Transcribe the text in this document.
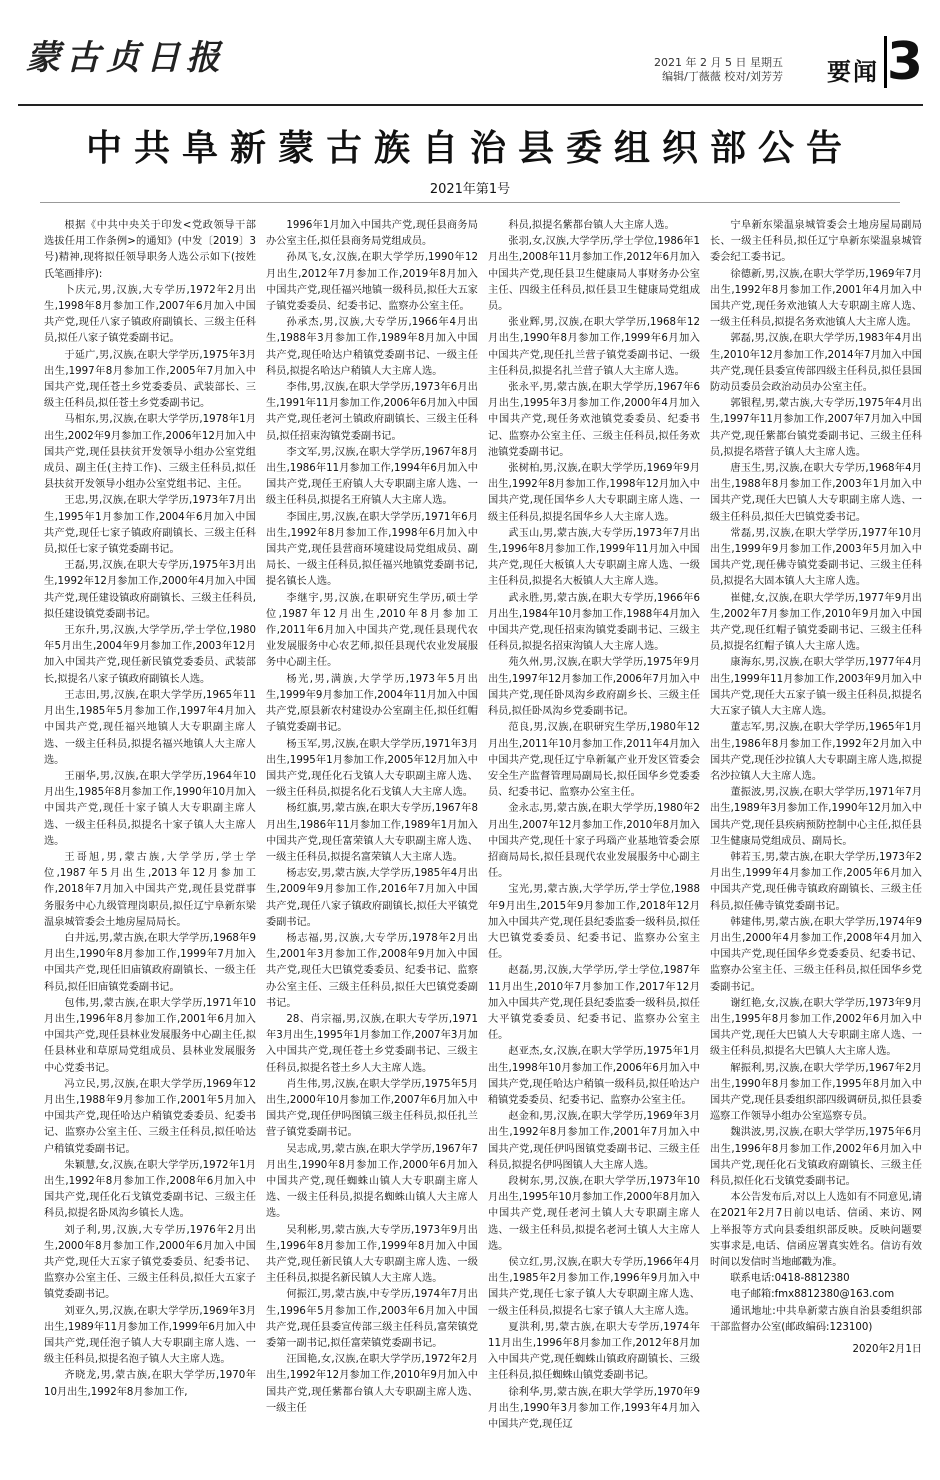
蒙古贞日报	2021 年 2 月 5 日 星期五
编辑/丁薇薇 校对/刘芳芳 要闻 3
中共阜新蒙古族自治县委组织部公告
2021年第1号

根据《中共中央关于印发<党政领导干部选拔任用工作条例>的通知》(中发〔2019〕3号)精神,现将拟任领导职务人选公示如下(按姓氏笔画排序):

卜庆元,男,汉族,大专学历,1972年2月出生,1998年8月参加工作,2007年6月加入中国共产党,现任八家子镇政府副镇长、三级主任科员,拟任八家子镇党委副书记。

于延广,男,汉族,在职大学学历,1975年3月出生,1997年8月参加工作,2005年7月加入中国共产党,现任苍土乡党委委员、武装部长、三级主任科员,拟任苍土乡党委副书记。

马相东,男,汉族,在职大学学历,1978年1月出生,2002年9月参加工作,2006年12月加入中国共产党,现任县扶贫开发领导小组办公室党组成员、副主任(主持工作)、三级主任科员,拟任县扶贫开发领导小组办公室党组书记、主任。

王忠,男,汉族,在职大学学历,1973年7月出生,1995年1月参加工作,2004年6月加入中国共产党,现任七家子镇政府副镇长、三级主任科员,拟任七家子镇党委副书记。

王磊,男,汉族,在职大专学历,1975年3月出生,1992年12月参加工作,2000年4月加入中国共产党,现任建设镇政府副镇长、三级主任科员,拟任建设镇党委副书记。

王东升,男,汉族,大学学历,学士学位,1980年5月出生,2004年9月参加工作,2003年12月加入中国共产党,现任新民镇党委委员、武装部长,拟提名八家子镇政府副镇长人选。

王志田,男,汉族,在职大学学历,1965年11月出生,1985年5月参加工作,1997年4月加入中国共产党,现任福兴地镇人大专职副主席人选、一级主任科员,拟提名福兴地镇人大主席人选。

王丽华,男,汉族,在职大学学历,1964年10月出生,1985年8月参加工作,1990年10月加入中国共产党,现任十家子镇人大专职副主席人选、一级主任科员,拟提名十家子镇人大主席人选。

王哥旭,男,蒙古族,大学学历,学士学位,1987年5月出生,2013年12月参加工作,2018年7月加入中国共产党,现任县党群事务服务中心九级管理岗职员,拟任辽宁阜新东梁温泉城管委会土地房屋局局长。

白井远,男,蒙古族,在职大学学历,1968年9月出生,1990年8月参加工作,1999年7月加入中国共产党,现任旧庙镇政府副镇长、一级主任科员,拟任旧庙镇党委副书记。

包伟,男,蒙古族,在职大学学历,1971年10月出生,1996年8月参加工作,2001年6月加入中国共产党,现任县林业发展服务中心副主任,拟任县林业和草原局党组成员、县林业发展服务中心党委书记。

冯立民,男,汉族,在职大学学历,1969年12月出生,1988年9月参加工作,2001年5月加入中国共产党,现任哈达户稍镇党委委员、纪委书记、监察办公室主任、三级主任科员,拟任哈达户稍镇党委副书记。

朱颖慧,女,汉族,在职大学学历,1972年1月出生,1992年8月参加工作,2008年6月加入中国共产党,现任化石戈镇党委副书记、三级主任科员,拟提名卧凤沟乡镇长人选。

刘子利,男,汉族,大专学历,1976年2月出生,2000年8月参加工作,2000年6月加入中国共产党,现任大五家子镇党委委员、纪委书记、监察办公室主任、三级主任科员,拟任大五家子镇党委副书记。

刘亚久,男,汉族,在职大学学历,1969年3月出生,1989年11月参加工作,1999年6月加入中国共产党,现任泡子镇人大专职副主席人选、一级主任科员,拟提名泡子镇人大主席人选。

齐晓龙,男,蒙古族,在职大学学历,1970年10月出生,1992年8月参加工作,

1996年1月加入中国共产党,现任县商务局办公室主任,拟任县商务局党组成员。

孙凤飞,女,汉族,在职大学学历,1990年12月出生,2012年7月参加工作,2019年8月加入中国共产党,现任福兴地镇一级科员,拟任大五家子镇党委委员、纪委书记、监察办公室主任。

孙承杰,男,汉族,大专学历,1966年4月出生,1988年3月参加工作,1989年8月加入中国共产党,现任哈达户稍镇党委副书记、一级主任科员,拟提名哈达户稍镇人大主席人选。

李伟,男,汉族,在职大学学历,1973年6月出生,1991年11月参加工作,2006年6月加入中国共产党,现任老河土镇政府副镇长、三级主任科员,拟任招束沟镇党委副书记。

李文军,男,汉族,在职大学学历,1967年8月出生,1986年11月参加工作,1994年6月加入中国共产党,现任王府镇人大专职副主席人选、一级主任科员,拟提名王府镇人大主席人选。

李国庄,男,汉族,在职大学学历,1971年6月出生,1992年8月参加工作,1998年6月加入中国共产党,现任县营商环境建设局党组成员、副局长、一级主任科员,拟任福兴地镇党委副书记,提名镇长人选。

李继宇,男,汉族,在职研究生学历,硕士学位,1987年12月出生,2010年8月参加工作,2011年6月加入中国共产党,现任县现代农业发展服务中心农艺师,拟任县现代农业发展服务中心副主任。

杨光,男,满族,大学学历,1973年5月出生,1999年9月参加工作,2004年11月加入中国共产党,原县新农村建设办公室副主任,拟任红帽子镇党委副书记。

杨玉军,男,汉族,在职大学学历,1971年3月出生,1995年1月参加工作,2005年12月加入中国共产党,现任化石戈镇人大专职副主席人选、一级主任科员,拟提名化石戈镇人大主席人选。

杨红旗,男,蒙古族,在职大专学历,1967年8月出生,1986年11月参加工作,1989年1月加入中国共产党,现任富荣镇人大专职副主席人选、一级主任科员,拟提名富荣镇人大主席人选。

杨志安,男,蒙古族,大学学历,1985年4月出生,2009年9月参加工作,2016年7月加入中国共产党,现任八家子镇政府副镇长,拟任大平镇党委副书记。

杨志福,男,汉族,大专学历,1978年2月出生,2001年3月参加工作,2008年9月加入中国共产党,现任大巴镇党委委员、纪委书记、监察办公室主任、三级主任科员,拟任大巴镇党委副书记。

28、肖宗福,男,汉族,在职大专学历,1971年3月出生,1995年1月参加工作,2007年3月加入中国共产党,现任苍土乡党委副书记、三级主任科员,拟提名苍土乡人大主席人选。

肖生伟,男,汉族,在职大学学历,1975年5月出生,2000年10月参加工作,2007年6月加入中国共产党,现任伊吗图镇三级主任科员,拟任扎兰营子镇党委副书记。

吴志成,男,蒙古族,在职大学学历,1967年7月出生,1990年8月参加工作,2000年6月加入中国共产党,现任蜘蛛山镇人大专职副主席人选、一级主任科员,拟提名蜘蛛山镇人大主席人选。

吴利彬,男,蒙古族,大专学历,1973年9月出生,1996年8月参加工作,1999年8月加入中国共产党,现任新民镇人大专职副主席人选、一级主任科员,拟提名新民镇人大主席人选。

何振江,男,蒙古族,中专学历,1974年7月出生,1996年5月参加工作,2003年6月加入中国共产党,现任县委宣传部三级主任科员,富荣镇党委第一副书记,拟任富荣镇党委副书记。

汪国艳,女,汉族,在职大学学历,1972年2月出生,1992年12月参加工作,2010年9月加入中国共产党,现任紫都台镇人大专职副主席人选、一级主任

科员,拟提名紫都台镇人大主席人选。

张羽,女,汉族,大学学历,学士学位,1986年1月出生,2008年11月参加工作,2012年6月加入中国共产党,现任县卫生健康局人事财务办公室主任、四级主任科员,拟任县卫生健康局党组成员。

张业辉,男,汉族,在职大学学历,1968年12月出生,1990年8月参加工作,1999年6月加入中国共产党,现任扎兰营子镇党委副书记、一级主任科员,拟提名扎兰营子镇人大主席人选。

张永平,男,蒙古族,在职大学学历,1967年6月出生,1995年3月参加工作,2000年4月加入中国共产党,现任务欢池镇党委委员、纪委书记、监察办公室主任、三级主任科员,拟任务欢池镇党委副书记。

张树柏,男,汉族,在职大学学历,1969年9月出生,1992年8月参加工作,1998年12月加入中国共产党,现任国华乡人大专职副主席人选、一级主任科员,拟提名国华乡人大主席人选。

武玉山,男,蒙古族,大专学历,1973年7月出生,1996年8月参加工作,1999年11月加入中国共产党,现任大板镇人大专职副主席人选、一级主任科员,拟提名大板镇人大主席人选。

武永胜,男,蒙古族,在职大专学历,1966年6月出生,1984年10月参加工作,1988年4月加入中国共产党,现任招束沟镇党委副书记、三级主任科员,拟提名招束沟镇人大主席人选。

苑久州,男,汉族,在职大学学历,1975年9月出生,1997年12月参加工作,2006年7月加入中国共产党,现任卧凤沟乡政府副乡长、三级主任科员,拟任卧凤沟乡党委副书记。

范良,男,汉族,在职研究生学历,1980年12月出生,2011年10月参加工作,2011年4月加入中国共产党,现任辽宁阜新氟产业开发区管委会安全生产监督管理局副局长,拟任国华乡党委委员、纪委书记、监察办公室主任。

金永志,男,蒙古族,在职大学学历,1980年2月出生,2007年12月参加工作,2010年8月加入中国共产党,现任十家子玛瑙产业基地管委会原招商局局长,拟任县现代农业发展服务中心副主任。

宝光,男,蒙古族,大学学历,学士学位,1988年9月出生,2015年9月参加工作,2018年12月加入中国共产党,现任县纪委监委一级科员,拟任大巴镇党委委员、纪委书记、监察办公室主任。

赵磊,男,汉族,大学学历,学士学位,1987年11月出生,2010年7月参加工作,2017年12月加入中国共产党,现任县纪委监委一级科员,拟任大平镇党委委员、纪委书记、监察办公室主任。

赵亚杰,女,汉族,在职大学学历,1975年1月出生,1998年10月参加工作,2006年6月加入中国共产党,现任哈达户稍镇一级科员,拟任哈达户稍镇党委委员、纪委书记、监察办公室主任。

赵金和,男,汉族,在职大学学历,1969年3月出生,1992年8月参加工作,2001年7月加入中国共产党,现任伊吗图镇党委副书记、三级主任科员,拟提名伊吗图镇人大主席人选。

段树东,男,汉族,在职大学学历,1973年10月出生,1995年10月参加工作,2000年8月加入中国共产党,现任老河土镇人大专职副主席人选、一级主任科员,拟提名老河土镇人大主席人选。

侯立红,男,汉族,在职大专学历,1966年4月出生,1985年2月参加工作,1996年9月加入中国共产党,现任七家子镇人大专职副主席人选、一级主任科员,拟提名七家子镇人大主席人选。

夏洪利,男,蒙古族,在职大专学历,1974年11月出生,1996年8月参加工作,2012年8月加入中国共产党,现任蜘蛛山镇政府副镇长、三级主任科员,拟任蜘蛛山镇党委副书记。

徐利华,男,蒙古族,在职大学学历,1970年9月出生,1990年3月参加工作,1993年4月加入中国共产党,现任辽

宁阜新东梁温泉城管委会土地房屋局副局长、一级主任科员,拟任辽宁阜新东梁温泉城管委会纪工委书记。

徐德新,男,汉族,在职大学学历,1969年7月出生,1992年8月参加工作,2001年4月加入中国共产党,现任务欢池镇人大专职副主席人选、一级主任科员,拟提名务欢池镇人大主席人选。

郭磊,男,汉族,在职大学学历,1983年4月出生,2010年12月参加工作,2014年7月加入中国共产党,现任县委宣传部四级主任科员,拟任县国防动员委员会政治动员办公室主任。

郭银程,男,蒙古族,大专学历,1975年4月出生,1997年11月参加工作,2007年7月加入中国共产党,现任紫都台镇党委副书记、三级主任科员,拟提名塔营子镇人大主席人选。

唐玉生,男,汉族,在职大专学历,1968年4月出生,1988年8月参加工作,2003年1月加入中国共产党,现任大巴镇人大专职副主席人选、一级主任科员,拟任大巴镇党委书记。

常磊,男,汉族,在职大学学历,1977年10月出生,1999年9月参加工作,2003年5月加入中国共产党,现任佛寺镇党委副书记、三级主任科员,拟提名大固本镇人大主席人选。

崔健,女,汉族,在职大学学历,1977年9月出生,2002年7月参加工作,2010年9月加入中国共产党,现任红帽子镇党委副书记、三级主任科员,拟提名红帽子镇人大主席人选。

康海东,男,汉族,在职大学学历,1977年4月出生,1999年11月参加工作,2003年9月加入中国共产党,现任大五家子镇一级主任科员,拟提名大五家子镇人大主席人选。

董志军,男,汉族,在职大学学历,1965年1月出生,1986年8月参加工作,1992年2月加入中国共产党,现任沙拉镇人大专职副主席人选,拟提名沙拉镇人大主席人选。

董振波,男,汉族,在职大学学历,1971年7月出生,1989年3月参加工作,1990年12月加入中国共产党,现任县疾病预防控制中心主任,拟任县卫生健康局党组成员、副局长。

韩若玉,男,蒙古族,在职大学学历,1973年2月出生,1999年4月参加工作,2005年6月加入中国共产党,现任佛寺镇政府副镇长、三级主任科员,拟任佛寺镇党委副书记。

韩建伟,男,蒙古族,在职大学学历,1974年9月出生,2000年4月参加工作,2008年4月加入中国共产党,现任国华乡党委委员、纪委书记、监察办公室主任、三级主任科员,拟任国华乡党委副书记。

谢红艳,女,汉族,在职大学学历,1973年9月出生,1995年8月参加工作,2002年6月加入中国共产党,现任大巴镇人大专职副主席人选、一级主任科员,拟提名大巴镇人大主席人选。

解振利,男,汉族,在职大学学历,1967年2月出生,1990年8月参加工作,1995年8月加入中国共产党,现任县委组织部四级调研员,拟任县委巡察工作领导小组办公室巡察专员。

魏洪波,男,汉族,在职大学学历,1975年6月出生,1996年8月参加工作,2002年6月加入中国共产党,现任化石戈镇政府副镇长、三级主任科员,拟任化石戈镇党委副书记。

本公告发布后,对以上人选如有不同意见,请在2021年2月7日前以电话、信函、来访、网上举报等方式向县委组织部反映。反映问题要实事求是,电话、信函应署真实姓名。信访有效时间以发信时当地邮戳为准。

联系电话:0418-8812380

电子邮箱:fmx8812380@163.com

通讯地址:中共阜新蒙古族自治县委组织部干部监督办公室(邮政编码:123100)

2020年2月1日
